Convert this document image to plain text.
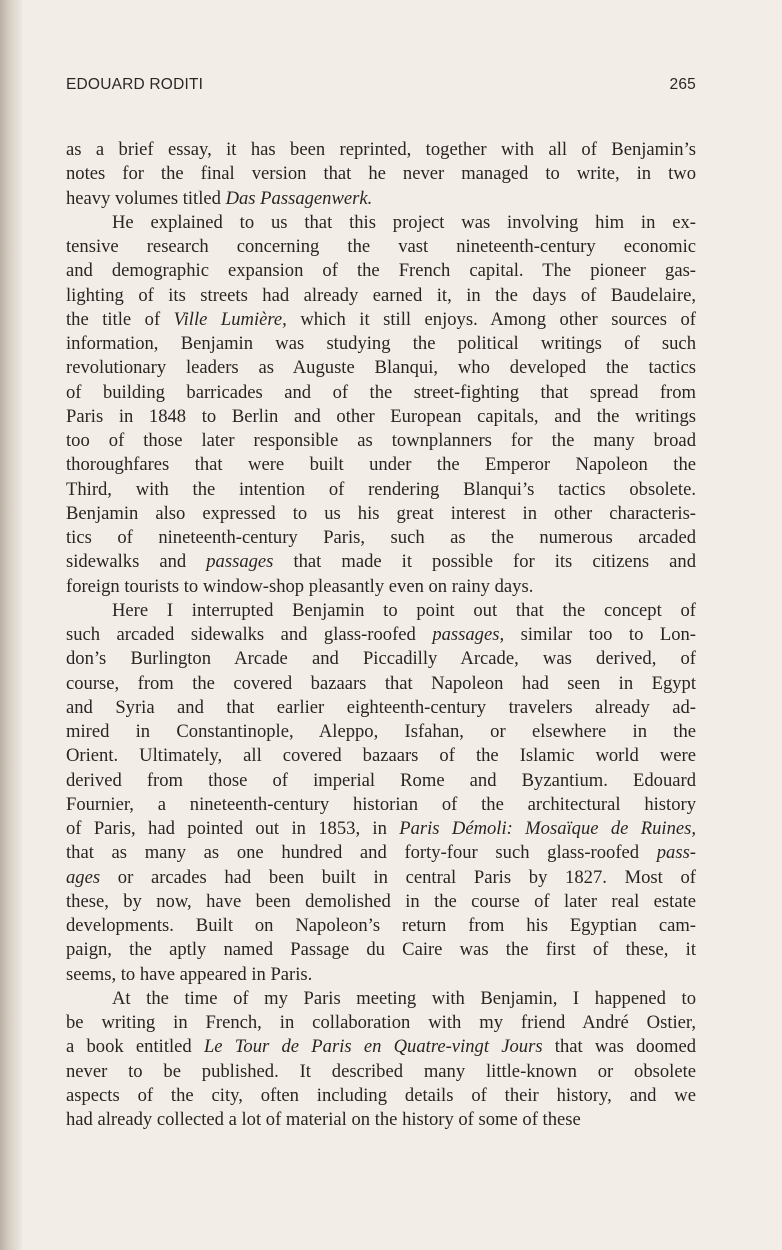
EDOUARD RODITI	265
as a brief essay, it has been reprinted, together with all of Benjamin’s
notes for the final version that he never managed to write, in two
heavy volumes titled Das Passagenwerk.
He explained to us that this project was involving him in ex-
tensive research concerning the vast nineteenth-century economic
and demographic expansion of the French capital. The pioneer gas-
lighting of its streets had already earned it, in the days of Baudelaire,
the title of Ville Lumière, which it still enjoys. Among other sources of
information, Benjamin was studying the political writings of such
revolutionary leaders as Auguste Blanqui, who developed the tactics
of building barricades and of the street-fighting that spread from
Paris in 1848 to Berlin and other European capitals, and the writings
too of those later responsible as townplanners for the many broad
thoroughfares that were built under the Emperor Napoleon the
Third, with the intention of rendering Blanqui’s tactics obsolete.
Benjamin also expressed to us his great interest in other characteris-
tics of nineteenth-century Paris, such as the numerous arcaded
sidewalks and passages that made it possible for its citizens and
foreign tourists to window-shop pleasantly even on rainy days.
Here I interrupted Benjamin to point out that the concept of
such arcaded sidewalks and glass-roofed passages, similar too to Lon-
don’s Burlington Arcade and Piccadilly Arcade, was derived, of
course, from the covered bazaars that Napoleon had seen in Egypt
and Syria and that earlier eighteenth-century travelers already ad-
mired in Constantinople, Aleppo, Isfahan, or elsewhere in the
Orient. Ultimately, all covered bazaars of the Islamic world were
derived from those of imperial Rome and Byzantium. Edouard
Fournier, a nineteenth-century historian of the architectural history
of Paris, had pointed out in 1853, in Paris Démoli: Mosaïque de Ruines,
that as many as one hundred and forty-four such glass-roofed pass-
ages or arcades had been built in central Paris by 1827. Most of
these, by now, have been demolished in the course of later real estate
developments. Built on Napoleon’s return from his Egyptian cam-
paign, the aptly named Passage du Caire was the first of these, it
seems, to have appeared in Paris.
At the time of my Paris meeting with Benjamin, I happened to
be writing in French, in collaboration with my friend André Ostier,
a book entitled Le Tour de Paris en Quatre-vingt Jours that was doomed
never to be published. It described many little-known or obsolete
aspects of the city, often including details of their history, and we
had already collected a lot of material on the history of some of these
